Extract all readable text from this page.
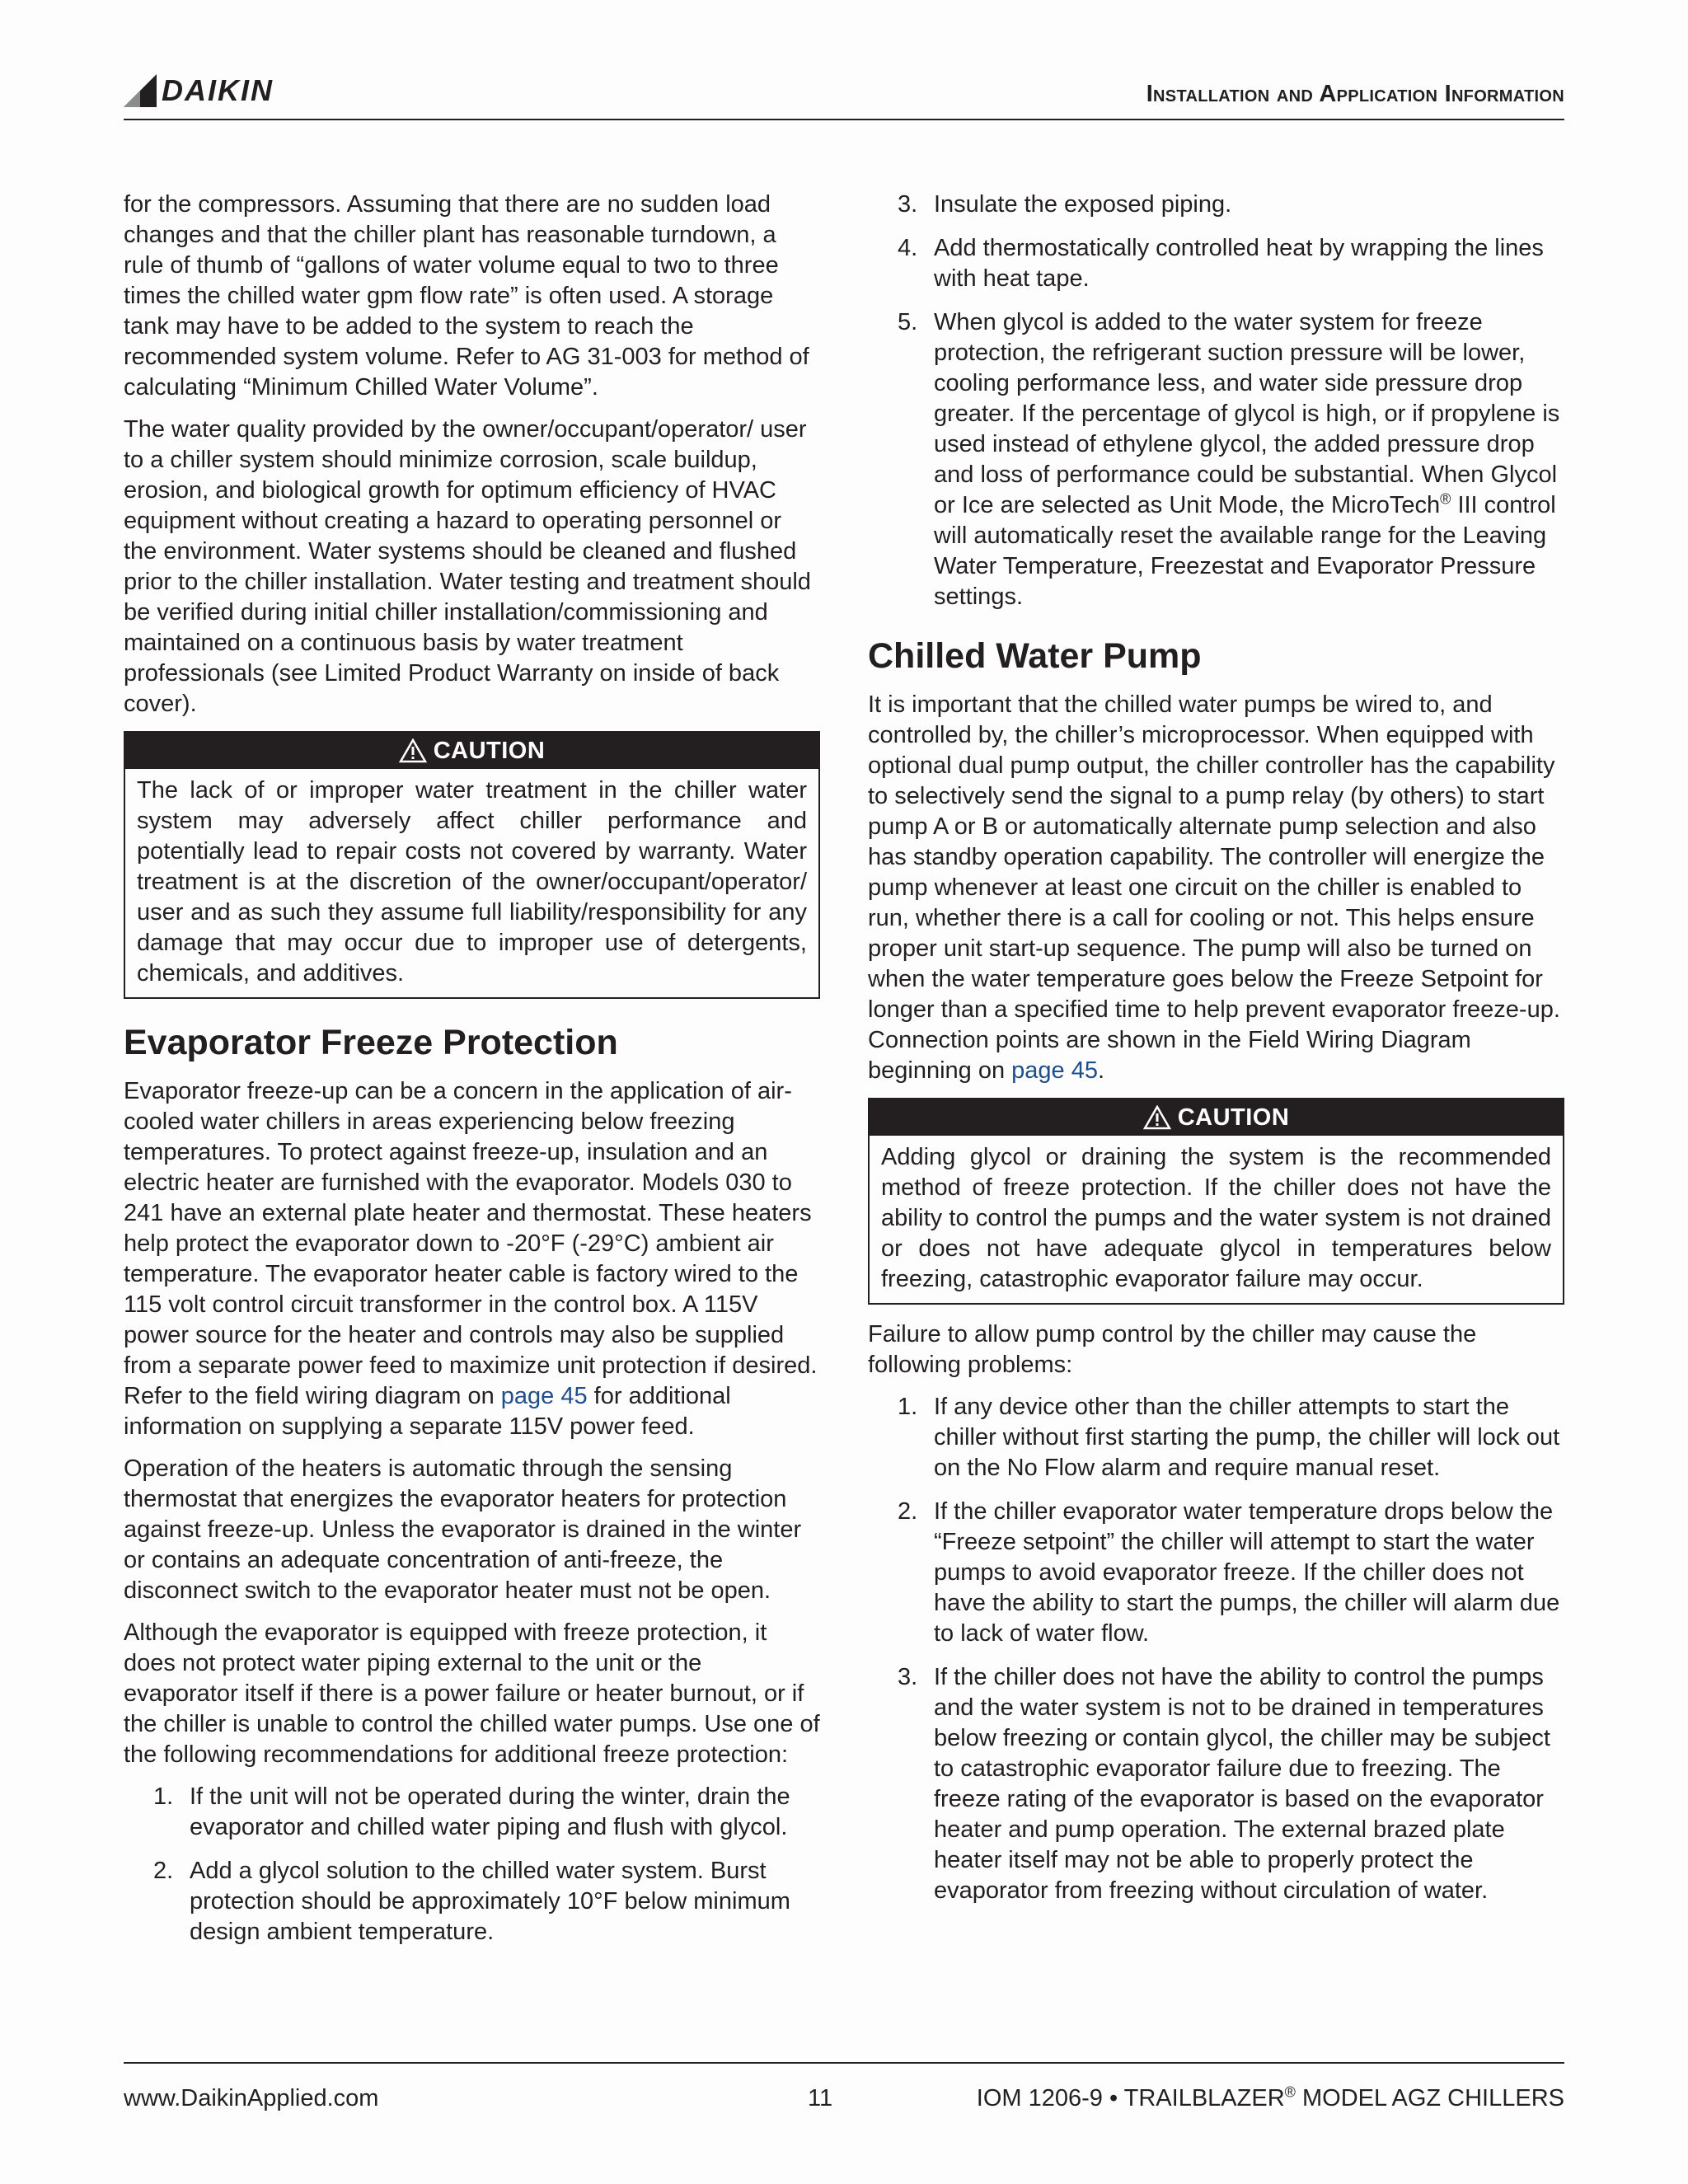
DAIKIN	Installation and Application Information

for the compressors. Assuming that there are no sudden load changes and that the chiller plant has reasonable turndown, a rule of thumb of “gallons of water volume equal to two to three times the chilled water gpm flow rate” is often used. A storage tank may have to be added to the system to reach the recommended system volume. Refer to AG 31-003 for method of calculating “Minimum Chilled Water Volume”.

The water quality provided by the owner/occupant/operator/ user to a chiller system should minimize corrosion, scale buildup, erosion, and biological growth for optimum efficiency of HVAC equipment without creating a hazard to operating personnel or the environment. Water systems should be cleaned and flushed prior to the chiller installation. Water testing and treatment should be verified during initial chiller installation/commissioning and maintained on a continuous basis by water treatment professionals (see Limited Product Warranty on inside of back cover).

CAUTION
The lack of or improper water treatment in the chiller water system may adversely affect chiller performance and potentially lead to repair costs not covered by warranty. Water treatment is at the discretion of the owner/occupant/operator/ user and as such they assume full liability/responsibility for any damage that may occur due to improper use of detergents, chemicals, and additives.
Evaporator Freeze Protection

Evaporator freeze-up can be a concern in the application of air-cooled water chillers in areas experiencing below freezing temperatures. To protect against freeze-up, insulation and an electric heater are furnished with the evaporator. Models 030 to 241 have an external plate heater and thermostat. These heaters help protect the evaporator down to -20°F (-29°C) ambient air temperature. The evaporator heater cable is factory wired to the 115 volt control circuit transformer in the control box. A 115V power source for the heater and controls may also be supplied from a separate power feed to maximize unit protection if desired. Refer to the field wiring diagram on page 45 for additional information on supplying a separate 115V power feed.

Operation of the heaters is automatic through the sensing thermostat that energizes the evaporator heaters for protection against freeze-up. Unless the evaporator is drained in the winter or contains an adequate concentration of anti-freeze, the disconnect switch to the evaporator heater must not be open.

Although the evaporator is equipped with freeze protection, it does not protect water piping external to the unit or the evaporator itself if there is a power failure or heater burnout, or if the chiller is unable to control the chilled water pumps. Use one of the following recommendations for additional freeze protection:

1. If the unit will not be operated during the winter, drain the evaporator and chilled water piping and flush with glycol.
2. Add a glycol solution to the chilled water system. Burst protection should be approximately 10°F below minimum design ambient temperature.
3. Insulate the exposed piping.
4. Add thermostatically controlled heat by wrapping the lines with heat tape.
5. When glycol is added to the water system for freeze protection, the refrigerant suction pressure will be lower, cooling performance less, and water side pressure drop greater. If the percentage of glycol is high, or if propylene is used instead of ethylene glycol, the added pressure drop and loss of performance could be substantial. When Glycol or Ice are selected as Unit Mode, the MicroTech® III control will automatically reset the available range for the Leaving Water Temperature, Freezestat and Evaporator Pressure settings.
Chilled Water Pump

It is important that the chilled water pumps be wired to, and controlled by, the chiller’s microprocessor. When equipped with optional dual pump output, the chiller controller has the capability to selectively send the signal to a pump relay (by others) to start pump A or B or automatically alternate pump selection and also has standby operation capability. The controller will energize the pump whenever at least one circuit on the chiller is enabled to run, whether there is a call for cooling or not. This helps ensure proper unit start-up sequence. The pump will also be turned on when the water temperature goes below the Freeze Setpoint for longer than a specified time to help prevent evaporator freeze-up. Connection points are shown in the Field Wiring Diagram beginning on page 45.

CAUTION
Adding glycol or draining the system is the recommended method of freeze protection. If the chiller does not have the ability to control the pumps and the water system is not drained or does not have adequate glycol in temperatures below freezing, catastrophic evaporator failure may occur.

Failure to allow pump control by the chiller may cause the following problems:

1. If any device other than the chiller attempts to start the chiller without first starting the pump, the chiller will lock out on the No Flow alarm and require manual reset.
2. If the chiller evaporator water temperature drops below the “Freeze setpoint” the chiller will attempt to start the water pumps to avoid evaporator freeze. If the chiller does not have the ability to start the pumps, the chiller will alarm due to lack of water flow.
3. If the chiller does not have the ability to control the pumps and the water system is not to be drained in temperatures below freezing or contain glycol, the chiller may be subject to catastrophic evaporator failure due to freezing. The freeze rating of the evaporator is based on the evaporator heater and pump operation. The external brazed plate heater itself may not be able to properly protect the evaporator from freezing without circulation of water.
www.DaikinApplied.com	11	IOM 1206-9 • TRAILBLAZER® MODEL AGZ CHILLERS
